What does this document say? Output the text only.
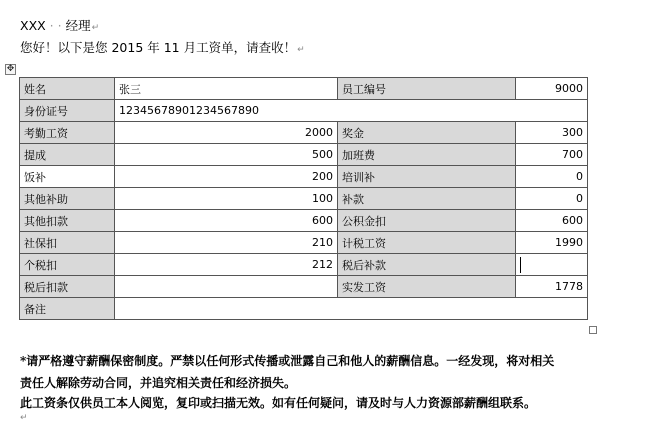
XXX · · 经理↵
您好！以下是您 2015 年 11 月工资单，请查收！↵
✥
姓名	张三	员工编号	9000
身份证号	123456789012345678​90		
考勤工资	2000	奖金	300
提成	500	加班费	700
饭补	200	培训补	0
其他补助	100	补款	0
其他扣款	600	公积金扣	600
社保扣	210	计税工资	1990
个税扣	212	税后补款	
税后扣款		实发工资	1778
备注			
*请严格遵守薪酬保密制度。严禁以任何形式传播或泄露自己和他人的薪酬信息。一经发现，将对相关
责任人解除劳动合同，并追究相关责任和经济损失。
此工资条仅供员工本人阅览，复印或扫描无效。如有任何疑问，请及时与人力资源部薪酬组联系。
↵
